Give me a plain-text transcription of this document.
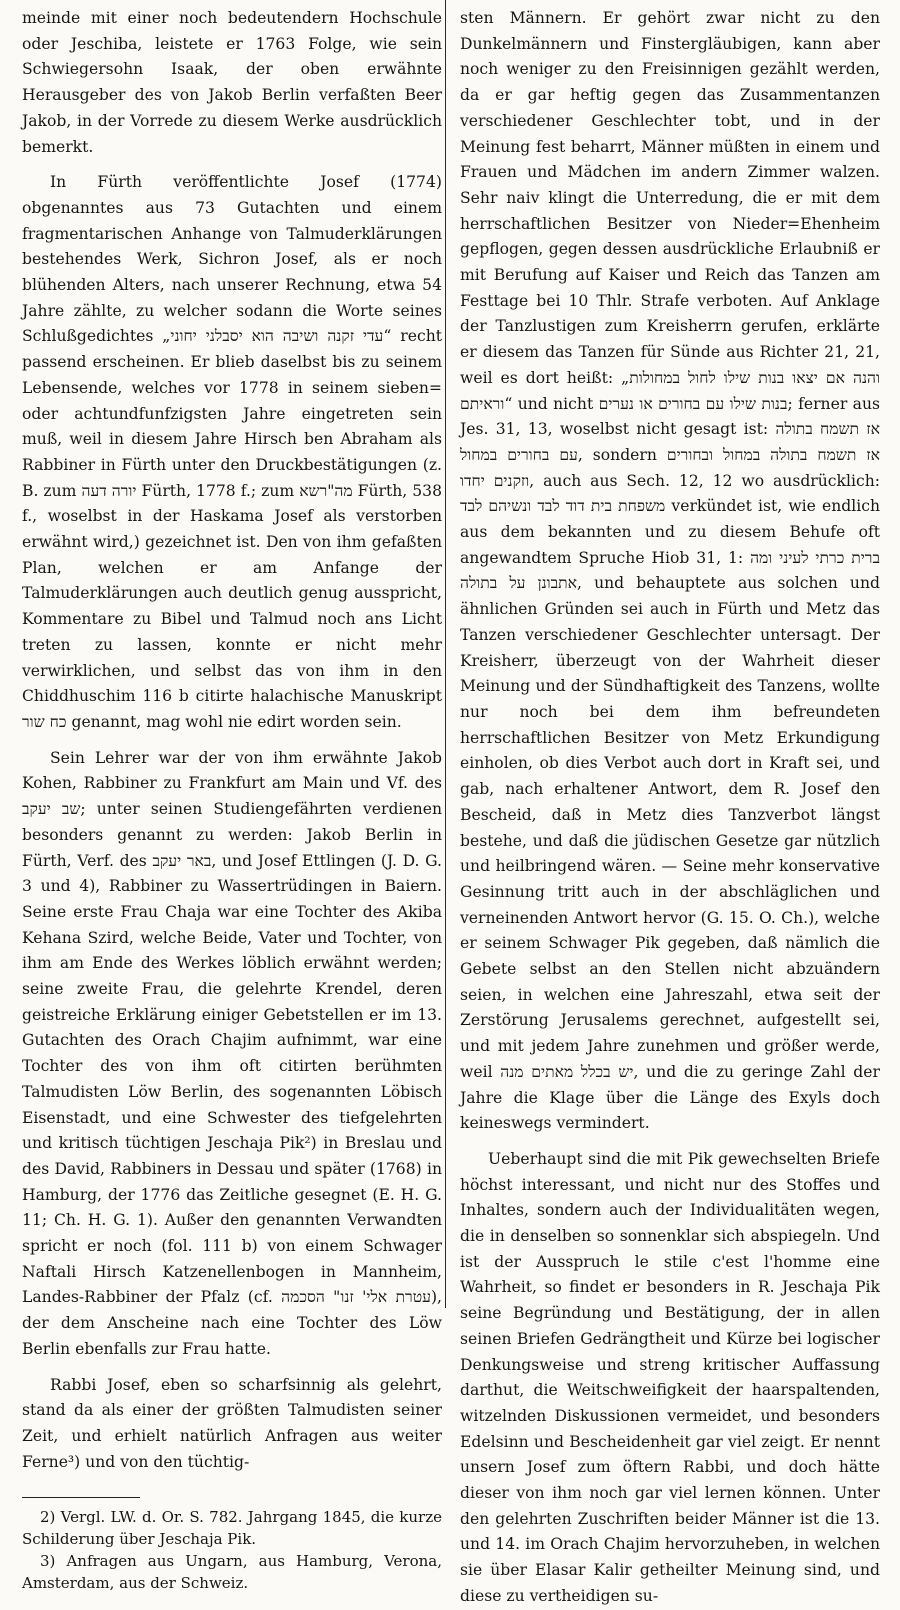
meinde mit einer noch bedeutendern Hochschule oder Jeschiba, leistete er 1763 Folge, wie sein Schwiegersohn Isaak, der oben erwähnte Herausgeber des von Jakob Berlin verfaßten Beer Jakob, in der Vorrede zu diesem Werke ausdrücklich bemerkt.

In Fürth veröffentlichte Josef (1774) obgenanntes aus 73 Gutachten und einem fragmentarischen Anhange von Talmuderklärungen bestehendes Werk, Sichron Josef, als er noch blühenden Alters, nach unserer Rechnung, etwa 54 Jahre zählte, zu welcher sodann die Worte seines Schlußgedichtes „עדי זקנה ושיבה הוא יסבלני יחוני“ recht passend erscheinen. Er blieb daselbst bis zu seinem Lebensende, welches vor 1778 in seinem sieben= oder achtundfunfzigsten Jahre eingetreten sein muß, weil in diesem Jahre Hirsch ben Abraham als Rabbiner in Fürth unter den Druckbestätigungen (z. B. zum יורה דעה Fürth, 1778 f.; zum מה"רשא Fürth, 538 f., woselbst in der Haskama Josef als verstorben erwähnt wird,) gezeichnet ist. Den von ihm gefaßten Plan, welchen er am Anfange der Talmuderklärungen auch deutlich genug ausspricht, Kommentare zu Bibel und Talmud noch ans Licht treten zu lassen, konnte er nicht mehr verwirklichen, und selbst das von ihm in den Chiddhuschim 116 b citirte halachische Manuskript כח שור genannt, mag wohl nie edirt worden sein.

Sein Lehrer war der von ihm erwähnte Jakob Kohen, Rabbiner zu Frankfurt am Main und Vf. des שב יעקב; unter seinen Studiengefährten verdienen besonders genannt zu werden: Jakob Berlin in Fürth, Verf. des באר יעקב, und Josef Ettlingen (J. D. G. 3 und 4), Rabbiner zu Wassertrüdingen in Baiern. Seine erste Frau Chaja war eine Tochter des Akiba Kehana Szird, welche Beide, Vater und Tochter, von ihm am Ende des Werkes löblich erwähnt werden; seine zweite Frau, die gelehrte Krendel, deren geistreiche Erklärung einiger Gebetstellen er im 13. Gutachten des Orach Chajim aufnimmt, war eine Tochter des von ihm oft citirten berühmten Talmudisten Löw Berlin, des sogenannten Löbisch Eisenstadt, und eine Schwester des tiefgelehrten und kritisch tüchtigen Jeschaja Pik²) in Breslau und des David, Rabbiners in Dessau und später (1768) in Hamburg, der 1776 das Zeitliche gesegnet (E. H. G. 11; Ch. H. G. 1). Außer den genannten Verwandten spricht er noch (fol. 111 b) von einem Schwager Naftali Hirsch Katzenellenbogen in Mannheim, Landes-Rabbiner der Pfalz (cf. עטרת אלי' זנו" הסכמה), der dem Anscheine nach eine Tochter des Löw Berlin ebenfalls zur Frau hatte.

Rabbi Josef, eben so scharfsinnig als gelehrt, stand da als einer der größten Talmudisten seiner Zeit, und erhielt natürlich Anfragen aus weiter Ferne³) und von den tüchtig-

2) Vergl. LW. d. Or. S. 782. Jahrgang 1845, die kurze Schilderung über Jeschaja Pik.

3) Anfragen aus Ungarn, aus Hamburg, Verona, Amsterdam, aus der Schweiz.

sten Männern. Er gehört zwar nicht zu den Dunkelmännern und Finstergläubigen, kann aber noch weniger zu den Freisinnigen gezählt werden, da er gar heftig gegen das Zusammentanzen verschiedener Geschlechter tobt, und in der Meinung fest beharrt, Männer müßten in einem und Frauen und Mädchen im andern Zimmer walzen. Sehr naiv klingt die Unterredung, die er mit dem herrschaftlichen Besitzer von Nieder=Ehenheim gepflogen, gegen dessen ausdrückliche Erlaubniß er mit Berufung auf Kaiser und Reich das Tanzen am Festtage bei 10 Thlr. Strafe verboten. Auf Anklage der Tanzlustigen zum Kreisherrn gerufen, erklärte er diesem das Tanzen für Sünde aus Richter 21, 21, weil es dort heißt: „והנה אם יצאו בנות שילו לחול במחולות וראיתם“ und nicht בנות שילו עם בחורים או נערים; ferner aus Jes. 31, 13, woselbst nicht gesagt ist: אז תשמח בתולה עם בחורים במחול, sondern אז תשמח בתולה במחול ובחורים וזקנים יחדו, auch aus Sech. 12, 12 wo ausdrücklich: משפחת בית דוד לבד ונשיהם לבד verkündet ist, wie endlich aus dem bekannten und zu diesem Behufe oft angewandtem Spruche Hiob 31, 1: ברית כרתי לעיני ומה אתבונן על בתולה, und behauptete aus solchen und ähnlichen Gründen sei auch in Fürth und Metz das Tanzen verschiedener Geschlechter untersagt. Der Kreisherr, überzeugt von der Wahrheit dieser Meinung und der Sündhaftigkeit des Tanzens, wollte nur noch bei dem ihm befreundeten herrschaftlichen Besitzer von Metz Erkundigung einholen, ob dies Verbot auch dort in Kraft sei, und gab, nach erhaltener Antwort, dem R. Josef den Bescheid, daß in Metz dies Tanzverbot längst bestehe, und daß die jüdischen Gesetze gar nützlich und heilbringend wären. — Seine mehr konservative Gesinnung tritt auch in der abschläglichen und verneinenden Antwort hervor (G. 15. O. Ch.), welche er seinem Schwager Pik gegeben, daß nämlich die Gebete selbst an den Stellen nicht abzuändern seien, in welchen eine Jahreszahl, etwa seit der Zerstörung Jerusalems gerechnet, aufgestellt sei, und mit jedem Jahre zunehmen und größer werde, weil יש בכלל מאתים מנה, und die zu geringe Zahl der Jahre die Klage über die Länge des Exyls doch keineswegs vermindert.

Ueberhaupt sind die mit Pik gewechselten Briefe höchst interessant, und nicht nur des Stoffes und Inhaltes, sondern auch der Individualitäten wegen, die in denselben so sonnenklar sich abspiegeln. Und ist der Ausspruch le stile c'est l'homme eine Wahrheit, so findet er besonders in R. Jeschaja Pik seine Begründung und Bestätigung, der in allen seinen Briefen Gedrängtheit und Kürze bei logischer Denkungsweise und streng kritischer Auffassung darthut, die Weitschweifigkeit der haarspaltenden, witzelnden Diskussionen vermeidet, und besonders Edelsinn und Bescheidenheit gar viel zeigt. Er nennt unsern Josef zum öftern Rabbi, und doch hätte dieser von ihm noch gar viel lernen können. Unter den gelehrten Zuschriften beider Männer ist die 13. und 14. im Orach Chajim hervorzuheben, in welchen sie über Elasar Kalir getheilter Meinung sind, und diese zu vertheidigen su-
